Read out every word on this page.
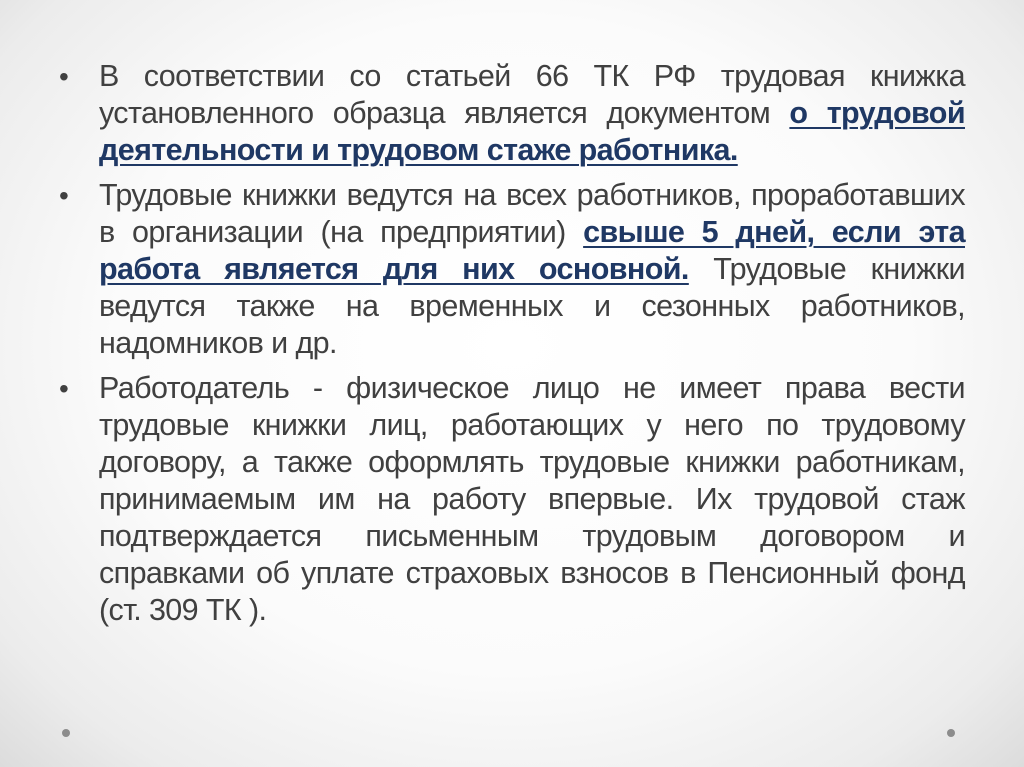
• В соответствии со статьей 66 ТК РФ трудовая книжка установленного образца является документом о трудовой деятельности и трудовом стаже работника.

• Трудовые книжки ведутся на всех работников, проработавших в организации (на предприятии) свыше 5 дней, если эта работа является для них основной. Трудовые книжки ведутся также на временных и сезонных работников, надомников и др.

• Работодатель - физическое лицо не имеет права вести трудовые книжки лиц, работающих у него по трудовому договору, а также оформлять трудовые книжки работникам, принимаемым им на работу впервые. Их трудовой стаж подтверждается письменным трудовым договором и справками об уплате страховых взносов в Пенсионный фонд (ст. 309 ТК ).
